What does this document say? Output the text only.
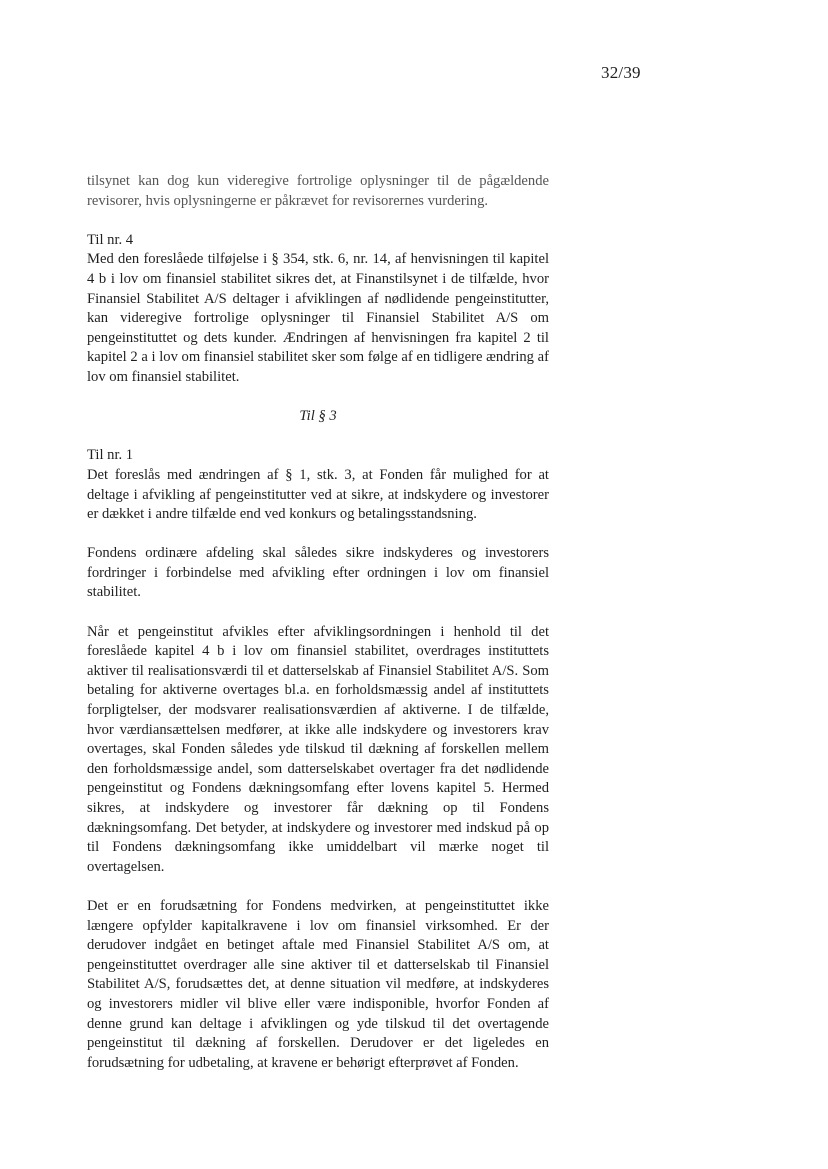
32/39

tilsynet kan dog kun videregive fortrolige oplysninger til de pågældende revisorer, hvis oplysningerne er påkrævet for revisorernes vurdering.

Til nr. 4

Med den foreslåede tilføjelse i § 354, stk. 6, nr. 14, af henvisningen til kapitel 4 b i lov om finansiel stabilitet sikres det, at Finanstilsynet i de tilfælde, hvor Finansiel Stabilitet A/S deltager i afviklingen af nødlidende pengeinstitutter, kan videregive fortrolige oplysninger til Finansiel Stabilitet A/S om pengeinstituttet og dets kunder. Ændringen af henvisningen fra kapitel 2 til kapitel 2 a i lov om finansiel stabilitet sker som følge af en tidligere ændring af lov om finansiel stabilitet.

Til § 3

Til nr. 1

Det foreslås med ændringen af § 1, stk. 3, at Fonden får mulighed for at deltage i afvikling af pengeinstitutter ved at sikre, at indskydere og investorer er dækket i andre tilfælde end ved konkurs og betalingsstandsning.

Fondens ordinære afdeling skal således sikre indskyderes og investorers fordringer i forbindelse med afvikling efter ordningen i lov om finansiel stabilitet.

Når et pengeinstitut afvikles efter afviklingsordningen i henhold til det foreslåede kapitel 4 b i lov om finansiel stabilitet, overdrages instituttets aktiver til realisationsværdi til et datterselskab af Finansiel Stabilitet A/S. Som betaling for aktiverne overtages bl.a. en forholdsmæssig andel af instituttets forpligtelser, der modsvarer realisationsværdien af aktiverne. I de tilfælde, hvor værdiansættelsen medfører, at ikke alle indskydere og investorers krav overtages, skal Fonden således yde tilskud til dækning af forskellen mellem den forholdsmæssige andel, som datterselskabet overtager fra det nødlidende pengeinstitut og Fondens dækningsomfang efter lovens kapitel 5. Hermed sikres, at indskydere og investorer får dækning op til Fondens dækningsomfang. Det betyder, at indskydere og investorer med indskud på op til Fondens dækningsomfang ikke umiddelbart vil mærke noget til overtagelsen.

Det er en forudsætning for Fondens medvirken, at pengeinstituttet ikke længere opfylder kapitalkravene i lov om finansiel virksomhed. Er der derudover indgået en betinget aftale med Finansiel Stabilitet A/S om, at pengeinstituttet overdrager alle sine aktiver til et datterselskab til Finansiel Stabilitet A/S, forudsættes det, at denne situation vil medføre, at indskyderes og investorers midler vil blive eller være indisponible, hvorfor Fonden af denne grund kan deltage i afviklingen og yde tilskud til det overtagende pengeinstitut til dækning af forskellen. Derudover er det ligeledes en forudsætning for udbetaling, at kravene er behørigt efterprøvet af Fonden.
